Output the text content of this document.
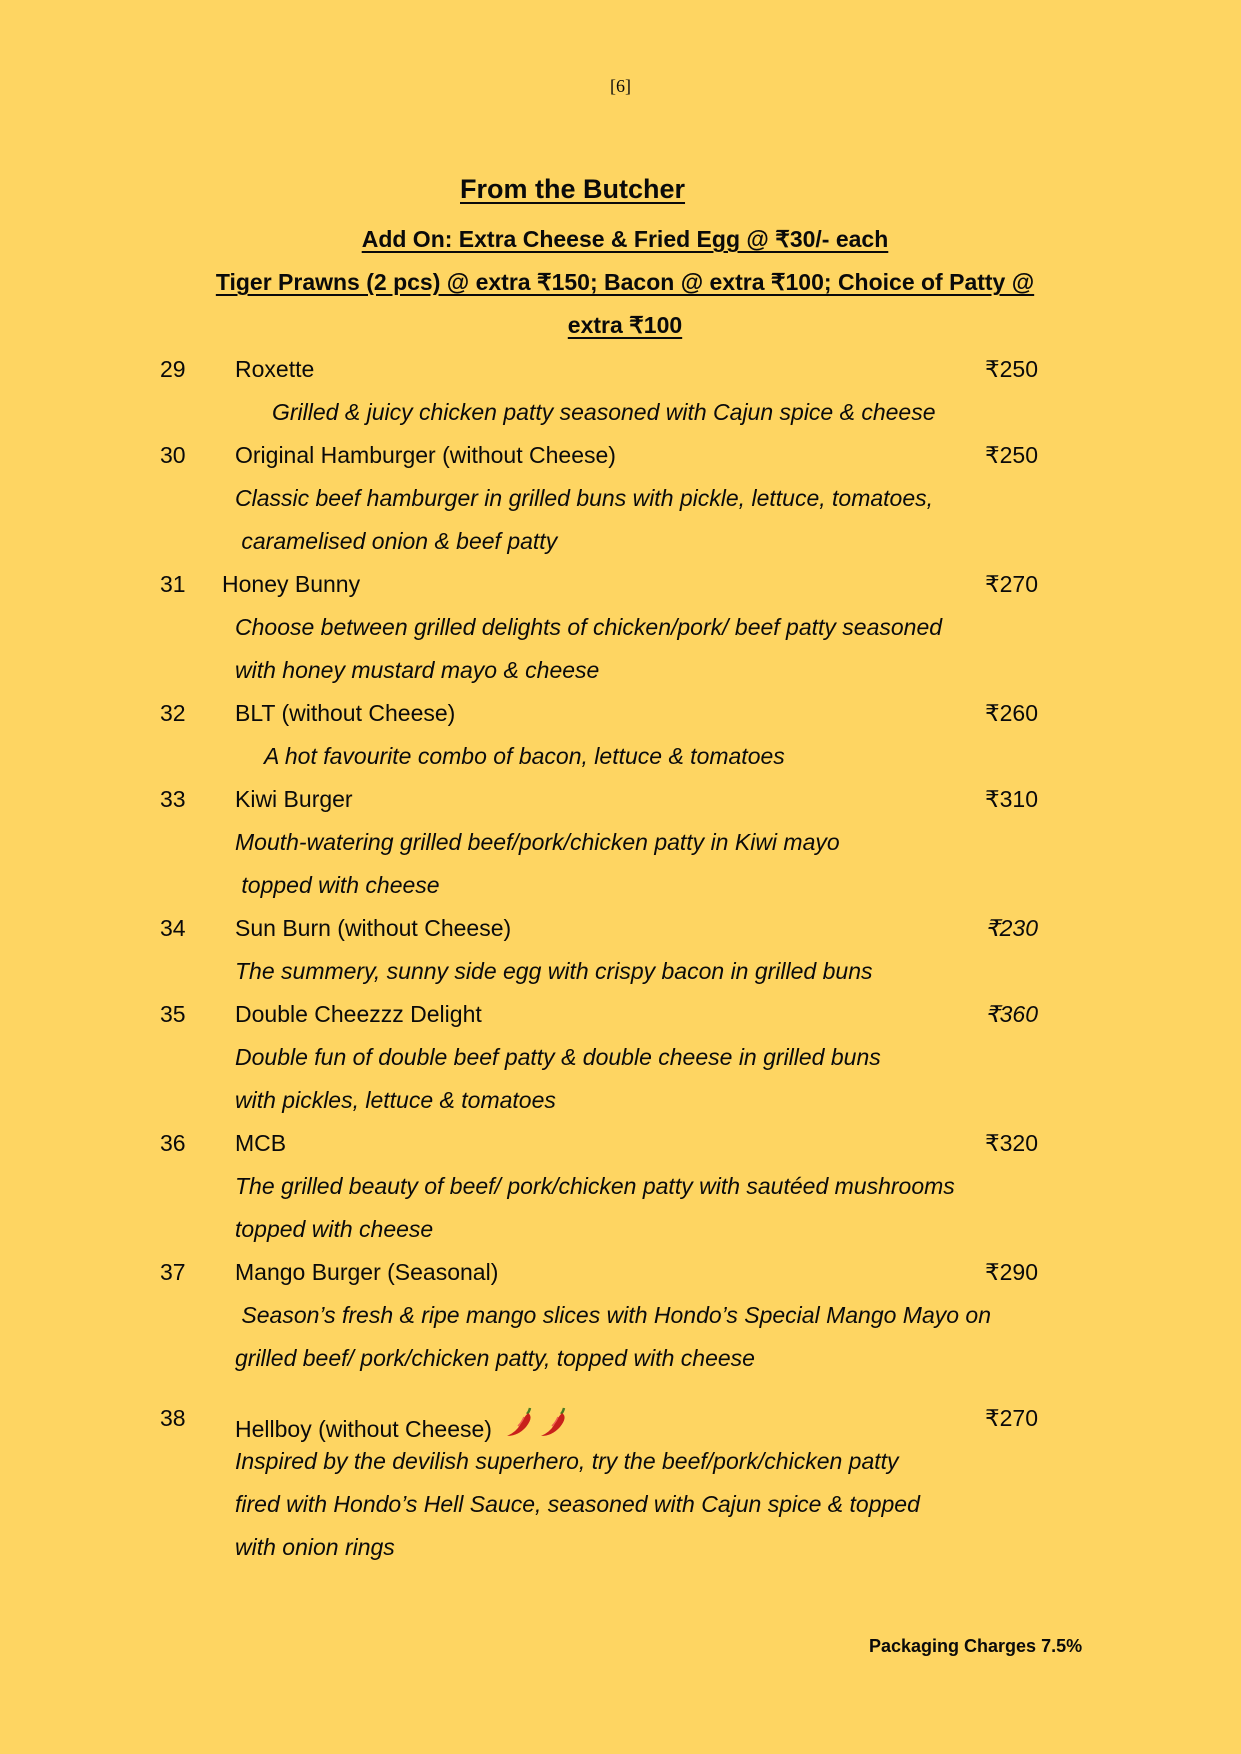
[6]
From the Butcher
Add On: Extra Cheese & Fried Egg @ ₹30/- each
Tiger Prawns (2 pcs) @ extra ₹150; Bacon @ extra ₹100; Choice of Patty @
extra ₹100
29 Roxette	₹250
Grilled & juicy chicken patty seasoned with Cajun spice & cheese
30 Original Hamburger (without Cheese)	₹250
Classic beef hamburger in grilled buns with pickle, lettuce, tomatoes,
caramelised onion & beef patty
31 Honey Bunny	₹270
Choose between grilled delights of chicken/pork/ beef patty seasoned
with honey mustard mayo & cheese
32 BLT (without Cheese)	₹260
A hot favourite combo of bacon, lettuce & tomatoes
33 Kiwi Burger	₹310
Mouth-watering grilled beef/pork/chicken patty in Kiwi mayo
topped with cheese
34 Sun Burn (without Cheese)	₹230
The summery, sunny side egg with crispy bacon in grilled buns
35 Double Cheezzz Delight	₹360
Double fun of double beef patty & double cheese in grilled buns
with pickles, lettuce & tomatoes
36 MCB	₹320
The grilled beauty of beef/ pork/chicken patty with sautéed mushrooms
topped with cheese
37 Mango Burger (Seasonal)	₹290
Season’s fresh & ripe mango slices with Hondo’s Special Mango Mayo on
grilled beef/ pork/chicken patty, topped with cheese
38 Hellboy (without Cheese)	₹270
Inspired by the devilish superhero, try the beef/pork/chicken patty
fired with Hondo’s Hell Sauce, seasoned with Cajun spice & topped
with onion rings
Packaging Charges 7.5%
